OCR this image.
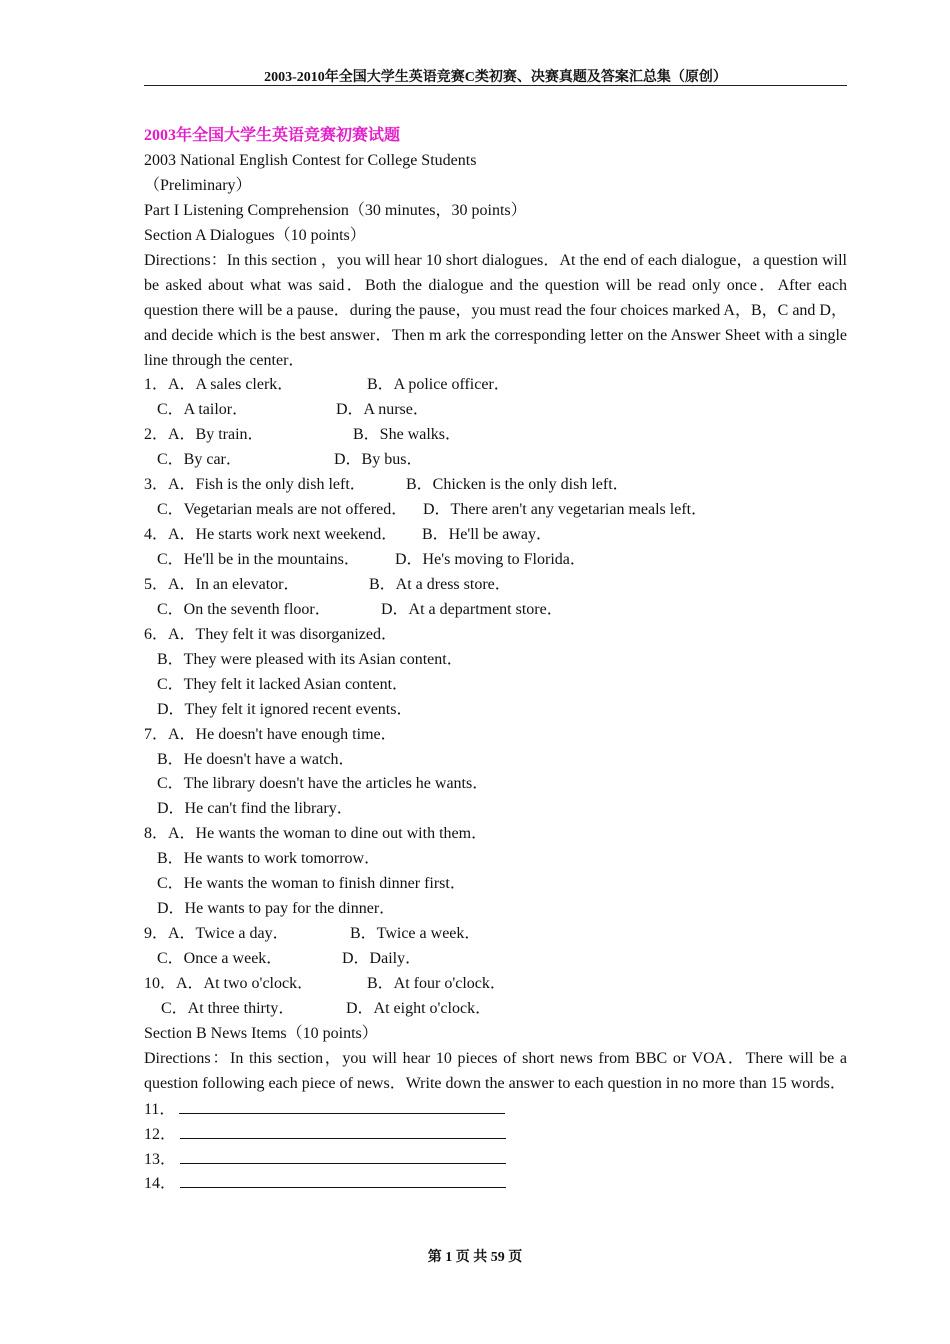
2003-2010年全国大学生英语竞赛C类初赛、决赛真题及答案汇总集（原创）
2003年全国大学生英语竞赛初赛试题
2003 National English Contest for College Students
（Preliminary）
Part I Listening Comprehension（30 minutes，30 points）
Section A Dialogues（10 points）
Directions：In this section ，you will hear 10 short dialogues．At the end of each dialogue，a question will be asked about what was said．Both the dialogue and the question will be read only once．After each question there will be a pause．during the pause，you must read the four choices marked A，B，C and D，and decide which is the best answer．Then m ark the corresponding letter on the Answer Sheet with a single line through the center．
1．A．A sales clerk．	B．A police officer．
C．A tailor．	D．A nurse．
2．A．By train．	B．She walks．
C．By car．	D．By bus．
3．A．Fish is the only dish left．	B．Chicken is the only dish left．
C．Vegetarian meals are not offered． D．There aren't any vegetarian meals left．
4．A．He starts work next weekend． B．He'll be away．
C．He'll be in the mountains． D．He's moving to Florida．
5．A．In an elevator．	B．At a dress store．
C．On the seventh floor．	D．At a department store．
6．A．They felt it was disorganized．
B．They were pleased with its Asian content．
C．They felt it lacked Asian content．
D．They felt it ignored recent events．
7．A．He doesn't have enough time．
B．He doesn't have a watch．
C．The library doesn't have the articles he wants．
D．He can't find the library．
8．A．He wants the woman to dine out with them．
B．He wants to work tomorrow．
C．He wants the woman to finish dinner first．
D．He wants to pay for the dinner．
9．A．Twice a day．	B．Twice a week．
C．Once a week．	D．Daily．
10．A．At two o'clock．	B．At four o'clock．
C．At three thirty．	D．At eight o'clock．
Section B News Items（10 points）
Directions：In this section，you will hear 10 pieces of short news from BBC or VOA．There will be a question following each piece of news．Write down the answer to each question in no more than 15 words．
11．
12．
13．
14．
第 1 页 共 59 页
